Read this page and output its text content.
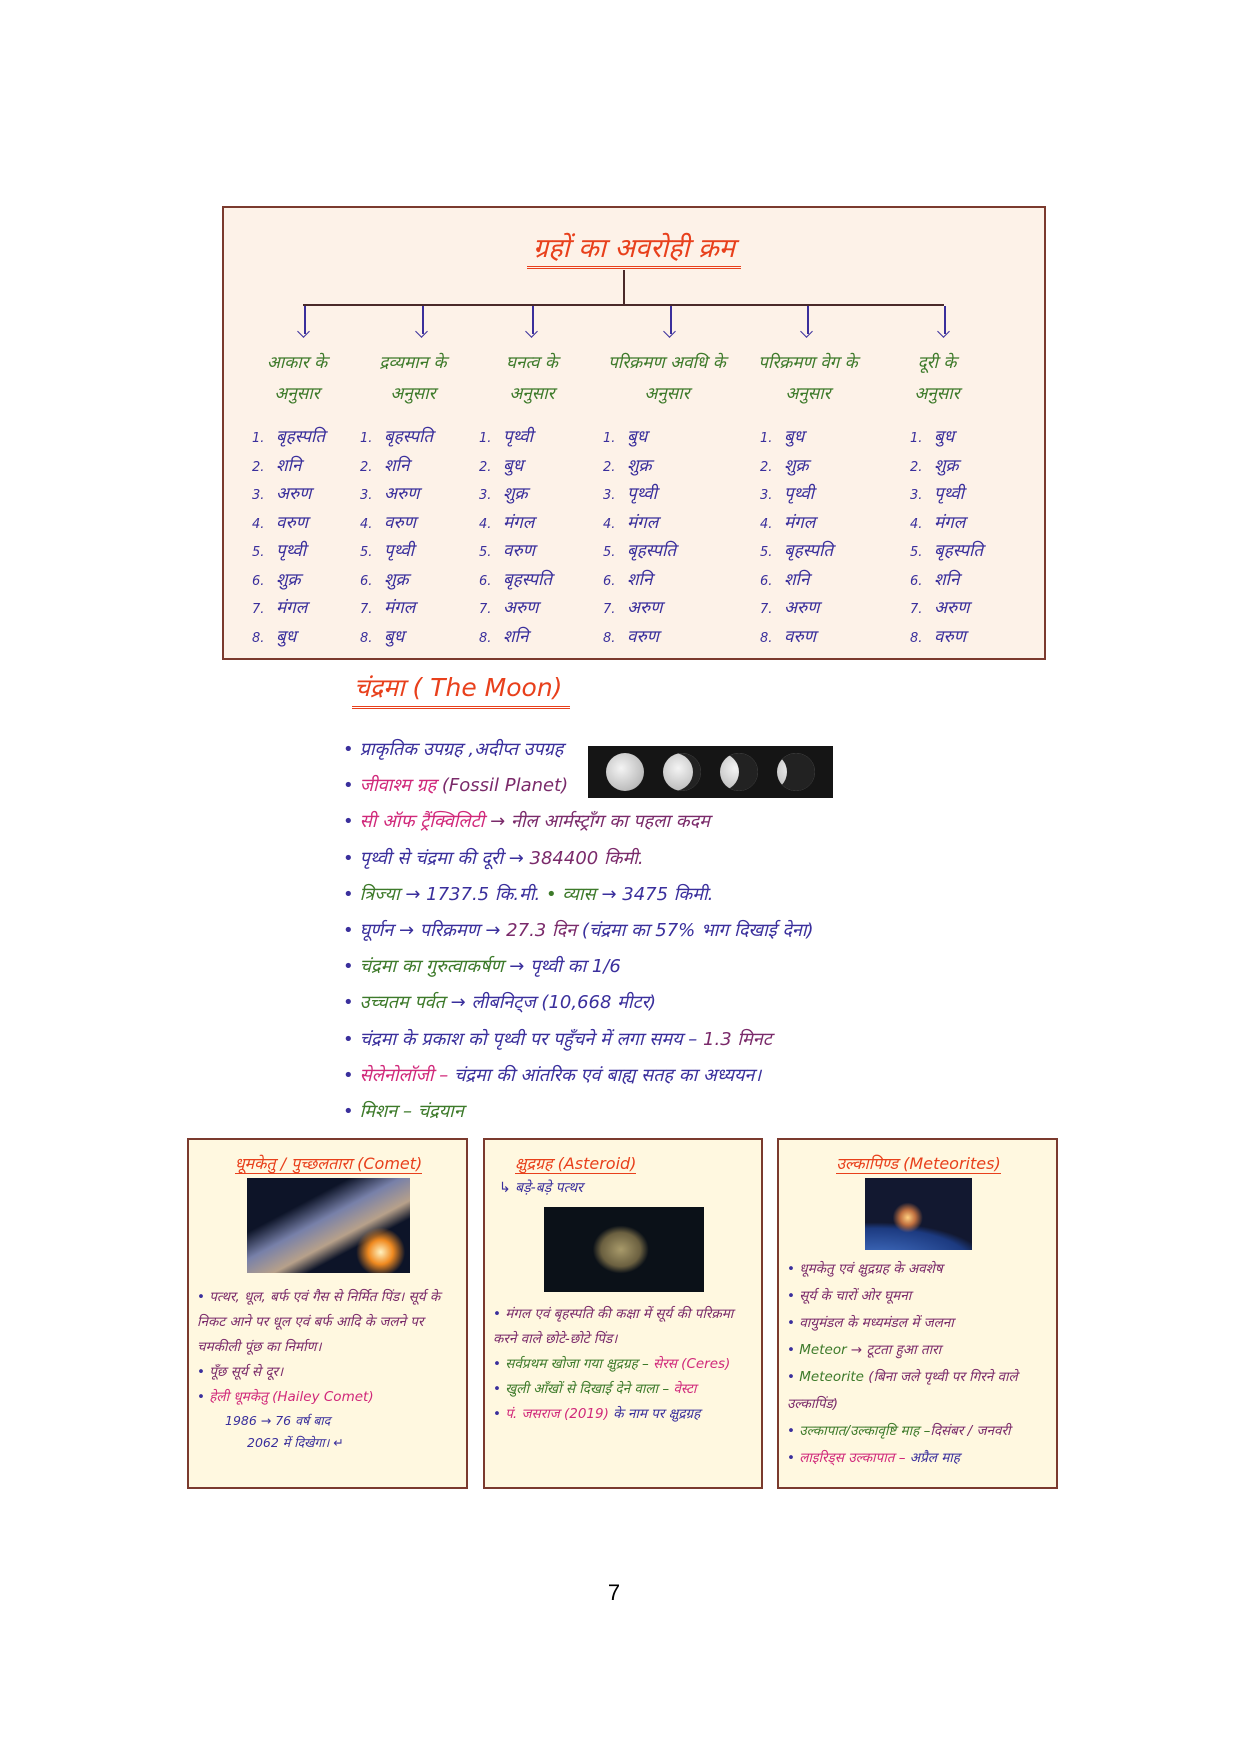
ग्रहों का अवरोही क्रम
आकार के
अनुसार
1. बृहस्पति
2. शनि
3. अरुण
4. वरुण
5. पृथ्वी
6. शुक्र
7. मंगल
8. बुध
द्रव्यमान के
अनुसार
1. बृहस्पति
2. शनि
3. अरुण
4. वरुण
5. पृथ्वी
6. शुक्र
7. मंगल
8. बुध
घनत्व के
अनुसार
1. पृथ्वी
2. बुध
3. शुक्र
4. मंगल
5. वरुण
6. बृहस्पति
7. अरुण
8. शनि
परिक्रमण अवधि के
अनुसार
1. बुध
2. शुक्र
3. पृथ्वी
4. मंगल
5. बृहस्पति
6. शनि
7. अरुण
8. वरुण
परिक्रमण वेग के
अनुसार
1. बुध
2. शुक्र
3. पृथ्वी
4. मंगल
5. बृहस्पति
6. शनि
7. अरुण
8. वरुण
दूरी के
अनुसार
1. बुध
2. शुक्र
3. पृथ्वी
4. मंगल
5. बृहस्पति
6. शनि
7. अरुण
8. वरुण
चंद्रमा ( The Moon)
• प्राकृतिक उपग्रह ,अदीप्त उपग्रह
• जीवाश्म ग्रह (Fossil Planet)
• सी ऑफ ट्रैंक्विलिटी → नील आर्मस्ट्रॉंग का पहला कदम
• पृथ्वी से चंद्रमा की दूरी → 384400 किमी.
• त्रिज्या → 1737.5 कि.मी. • व्यास → 3475 किमी.
• घूर्णन → परिक्रमण → 27.3 दिन (चंद्रमा का 57% भाग दिखाई देना)
• चंद्रमा का गुरुत्वाकर्षण → पृथ्वी का 1/6
• उच्चतम पर्वत → लीबनिट्ज (10,668 मीटर)
• चंद्रमा के प्रकाश को पृथ्वी पर पहुँचने में लगा समय – 1.3 मिनट
• सेलेनोलॉजी – चंद्रमा की आंतरिक एवं बाह्य सतह का अध्ययन।
• मिशन – चंद्रयान
धूमकेतु / पुच्छलतारा (Comet)
• पत्थर, धूल, बर्फ एवं गैस से निर्मित पिंड। सूर्य के निकट आने पर धूल एवं बर्फ आदि के जलने पर चमकीली पूंछ का निर्माण।
• पूँछ सूर्य से दूर।
• हेली धूमकेतु (Hailey Comet)
1986 → 76 वर्ष बाद
2062 में दिखेगा। ↵
क्षुद्रग्रह (Asteroid)
↳ बड़े-बड़े पत्थर
• मंगल एवं बृहस्पति की कक्षा में सूर्य की परिक्रमा करने वाले छोटे-छोटे पिंड।
• सर्वप्रथम खोजा गया क्षुद्रग्रह – सेरस (Ceres)
• खुली आँखों से दिखाई देने वाला – वेस्टा
• पं. जसराज (2019) के नाम पर क्षुद्रग्रह
उल्कापिण्ड (Meteorites)
• धूमकेतु एवं क्षुद्रग्रह के अवशेष
• सूर्य के चारों ओर घूमना
• वायुमंडल के मध्यमंडल में जलना
• Meteor → टूटता हुआ तारा
• Meteorite (बिना जले पृथ्वी पर गिरने वाले उल्कापिंड)
• उल्कापात/उल्कावृष्टि माह –दिसंबर / जनवरी
• लाइरिड्स उल्कापात – अप्रैल माह
7
